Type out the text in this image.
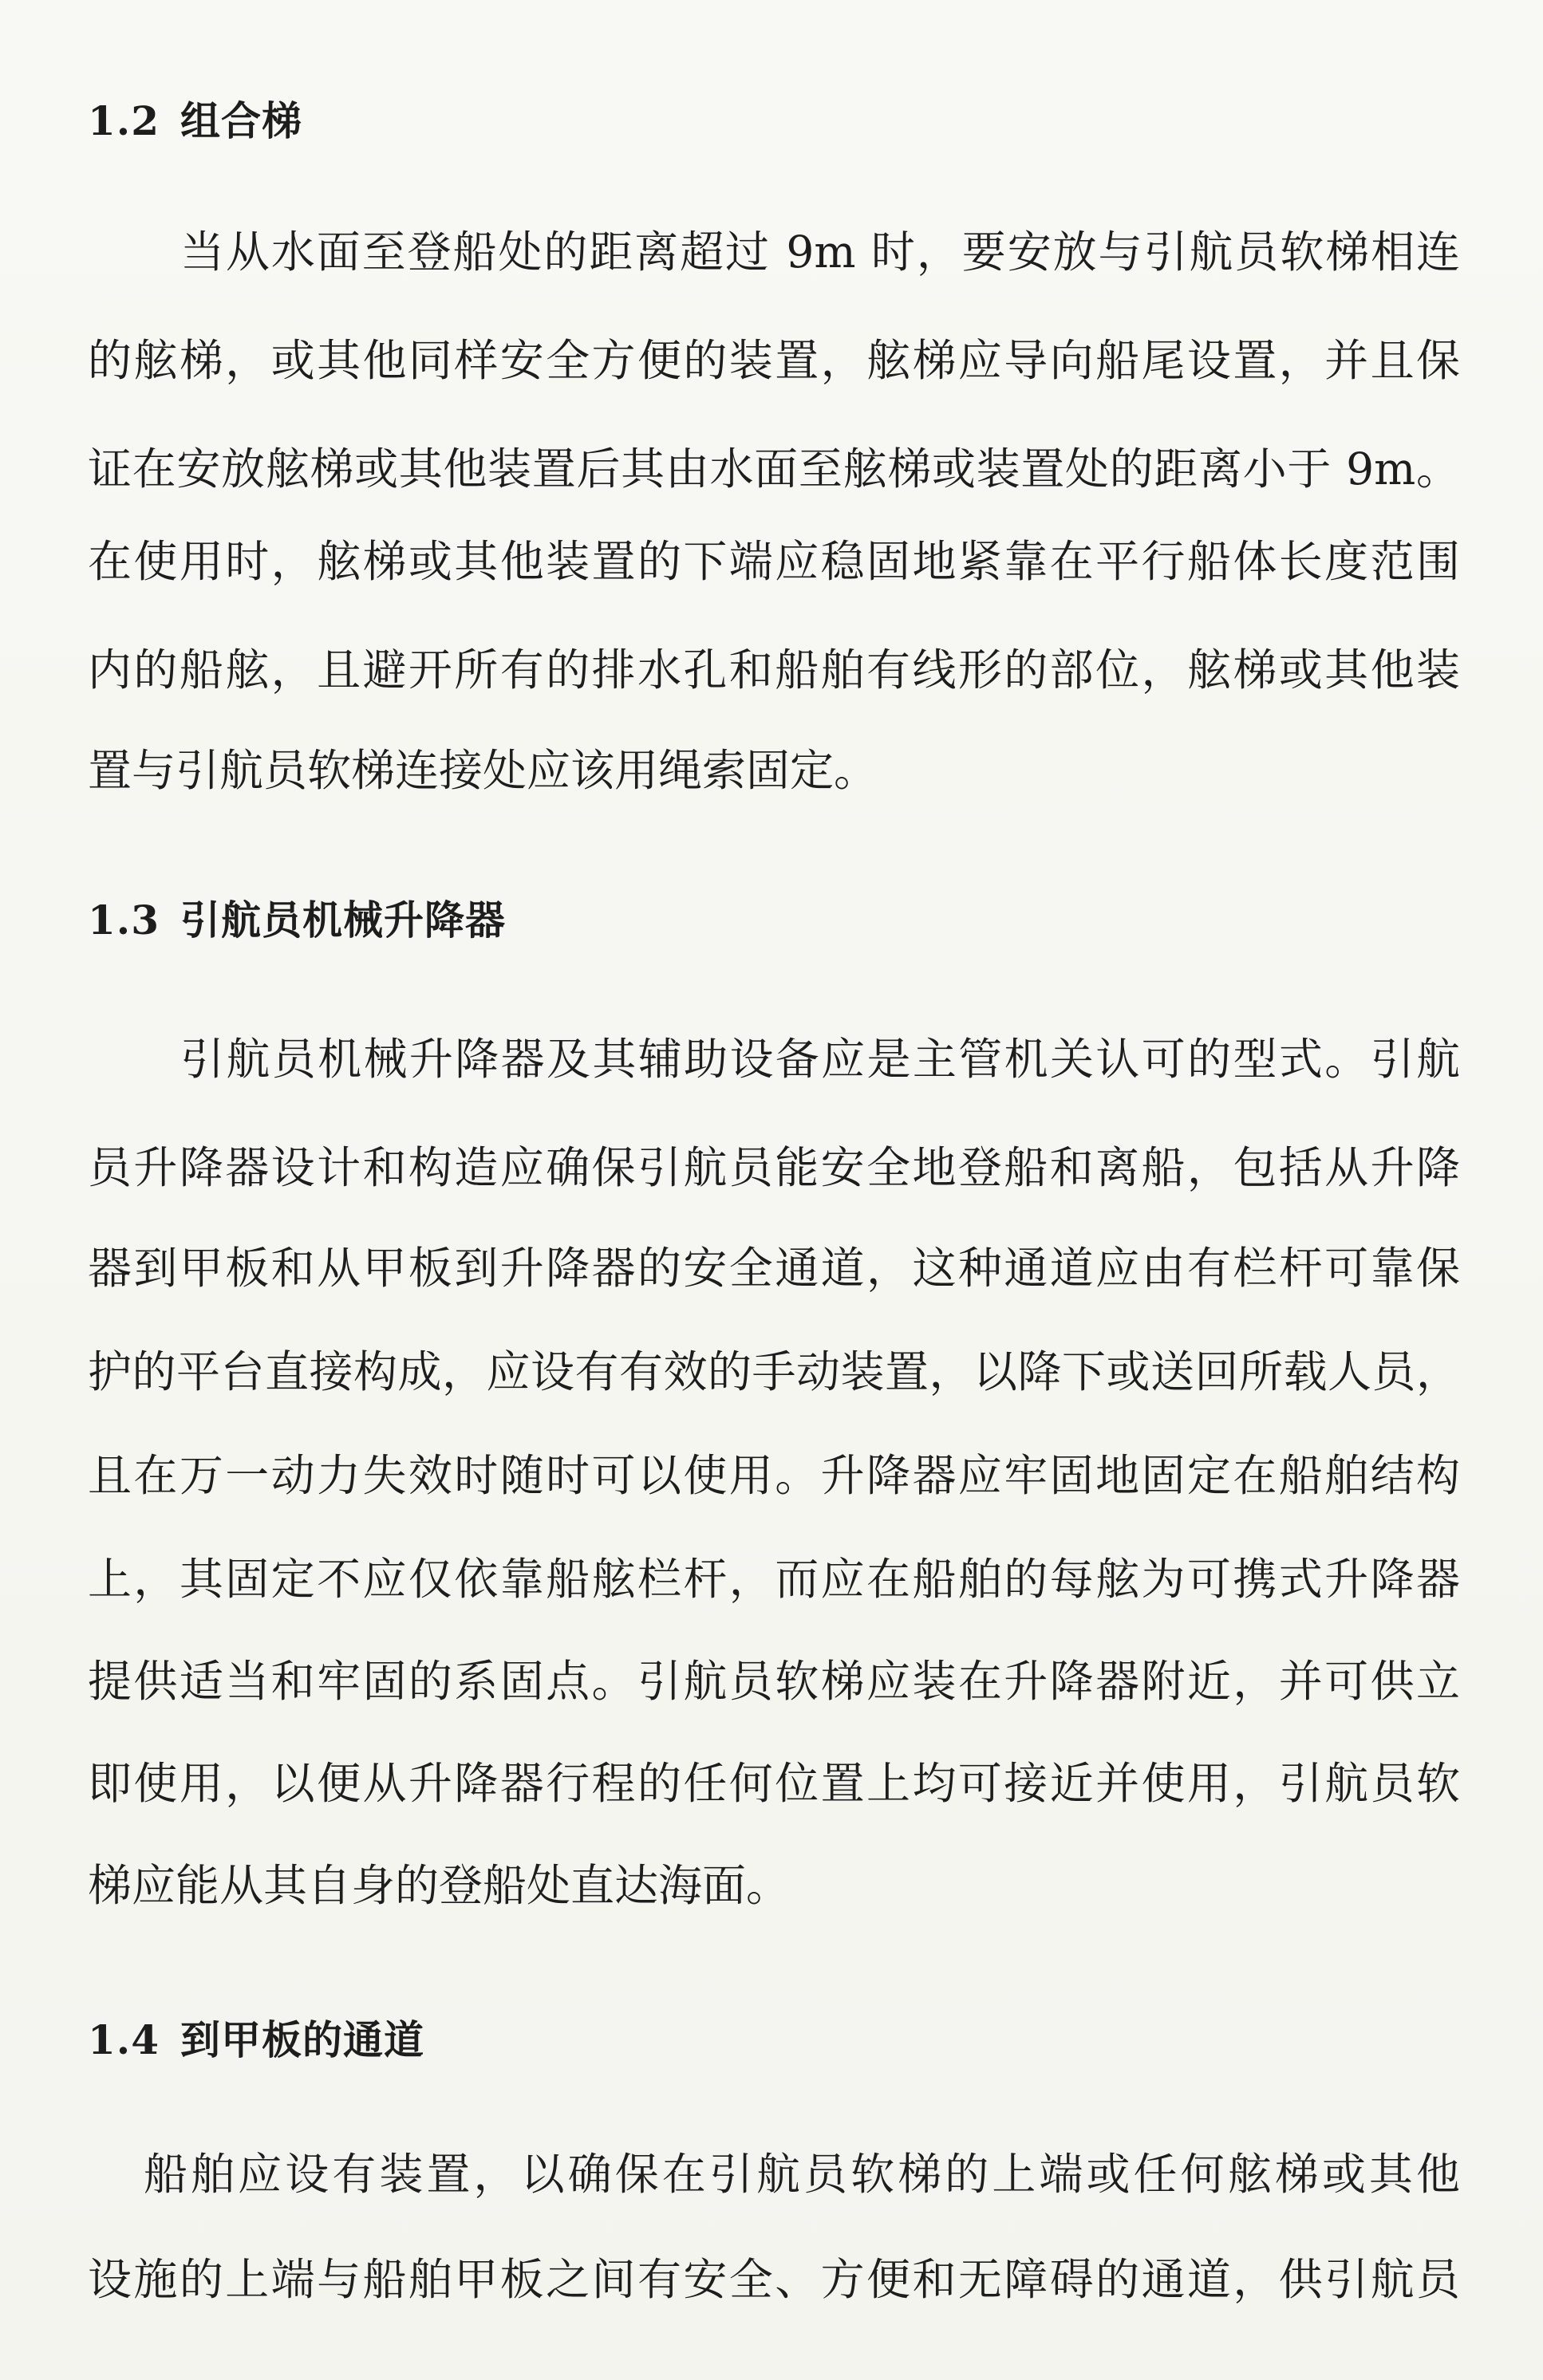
1.2 组合梯
当从水面至登船处的距离超过 9m 时，要安放与引航员软梯相连
的舷梯，或其他同样安全方便的装置，舷梯应导向船尾设置，并且保
证在安放舷梯或其他装置后其由水面至舷梯或装置处的距离小于 9m。
在使用时，舷梯或其他装置的下端应稳固地紧靠在平行船体长度范围
内的船舷，且避开所有的排水孔和船舶有线形的部位，舷梯或其他装
置与引航员软梯连接处应该用绳索固定。
1.3 引航员机械升降器
引航员机械升降器及其辅助设备应是主管机关认可的型式。引航
员升降器设计和构造应确保引航员能安全地登船和离船，包括从升降
器到甲板和从甲板到升降器的安全通道，这种通道应由有栏杆可靠保
护的平台直接构成，应设有有效的手动装置，以降下或送回所载人员，
且在万一动力失效时随时可以使用。升降器应牢固地固定在船舶结构
上，其固定不应仅依靠船舷栏杆，而应在船舶的每舷为可携式升降器
提供适当和牢固的系固点。引航员软梯应装在升降器附近，并可供立
即使用，以便从升降器行程的任何位置上均可接近并使用，引航员软
梯应能从其自身的登船处直达海面。
1.4 到甲板的通道
船舶应设有装置，以确保在引航员软梯的上端或任何舷梯或其他
设施的上端与船舶甲板之间有安全、方便和无障碍的通道，供引航员
